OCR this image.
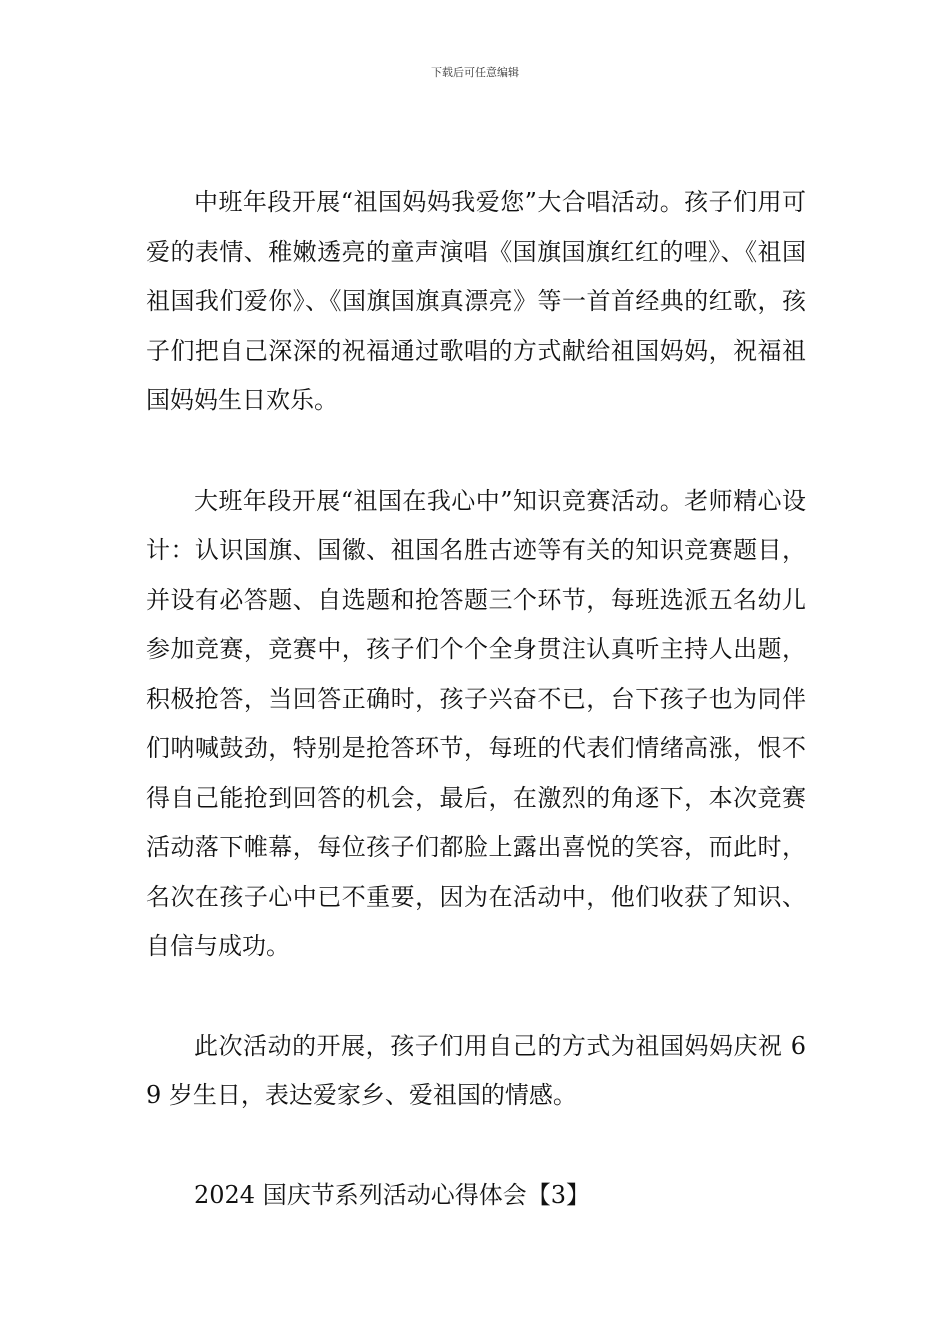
下载后可任意编辑

中班年段开展“祖国妈妈我爱您”大合唱活动。孩子们用可爱的表情、稚嫩透亮的童声演唱《国旗国旗红红的哩》、《祖国祖国我们爱你》、《国旗国旗真漂亮》等一首首经典的红歌，孩子们把自己深深的祝福通过歌唱的方式献给祖国妈妈，祝福祖国妈妈生日欢乐。

大班年段开展“祖国在我心中”知识竞赛活动。老师精心设计：认识国旗、国徽、祖国名胜古迹等有关的知识竞赛题目，并设有必答题、自选题和抢答题三个环节，每班选派五名幼儿参加竞赛，竞赛中，孩子们个个全身贯注认真听主持人出题，积极抢答，当回答正确时，孩子兴奋不已，台下孩子也为同伴们呐喊鼓劲，特别是抢答环节，每班的代表们情绪高涨，恨不得自己能抢到回答的机会，最后，在激烈的角逐下，本次竞赛活动落下帷幕，每位孩子们都脸上露出喜悦的笑容，而此时，名次在孩子心中已不重要，因为在活动中，他们收获了知识、自信与成功。

此次活动的开展，孩子们用自己的方式为祖国妈妈庆祝 69 岁生日，表达爱家乡、爱祖国的情感。

2024 国庆节系列活动心得体会【3】
